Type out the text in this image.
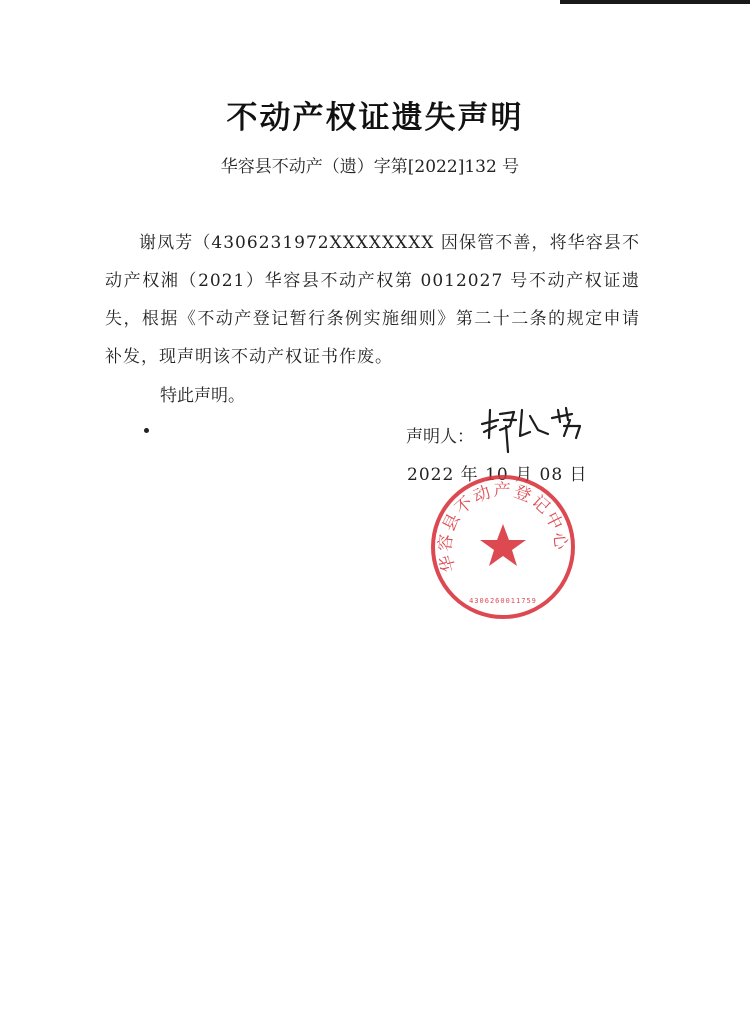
不动产权证遗失声明
华容县不动产（遗）字第[2022]132 号

谢凤芳（4306231972XXXXXXXX 因保管不善，将华容县不动产权湘（2021）华容县不动产权第 0012027 号不动产权证遗失，根据《不动产登记暂行条例实施细则》第二十二条的规定申请补发，现声明该不动产权证书作废。

特此声明。
声明人：
2022 年 10 月 08 日
华容县不动产登记中心
4306260011759
